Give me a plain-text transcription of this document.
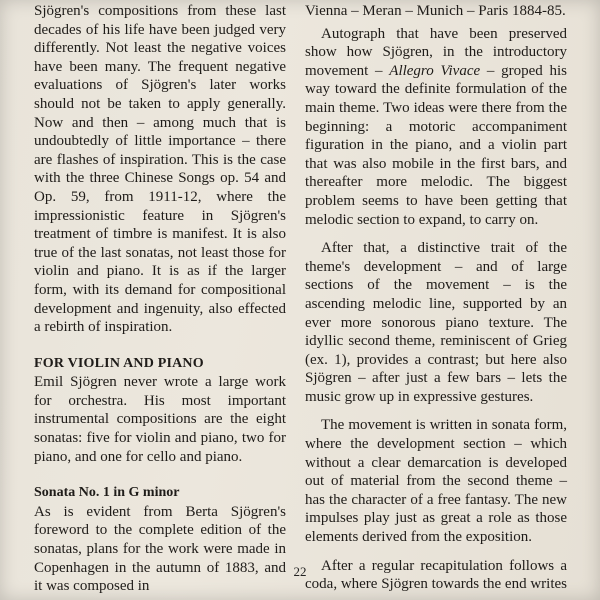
Sjögren's compositions from these last decades of his life have been judged very differently. Not least the negative voices have been many. The frequent negative evaluations of Sjögren's later works should not be taken to apply generally. Now and then – among much that is undoubtedly of little importance – there are flashes of inspiration. This is the case with the three Chinese Songs op. 54 and Op. 59, from 1911-12, where the impressionistic feature in Sjögren's treatment of timbre is manifest. It is also true of the last sonatas, not least those for violin and piano. It is as if the larger form, with its demand for compositional development and ingenuity, also effected a rebirth of inspiration.

FOR VIOLIN AND PIANO

Emil Sjögren never wrote a large work for orchestra. His most important instrumental compositions are the eight sonatas: five for violin and piano, two for piano, and one for cello and piano.

Sonata No. 1 in G minor

As is evident from Berta Sjögren's foreword to the complete edition of the sonatas, plans for the work were made in Copenhagen in the autumn of 1883, and it was composed in

Vienna – Meran – Munich – Paris 1884-85.

Autograph that have been preserved show how Sjögren, in the introductory movement – Allegro Vivace – groped his way toward the definite formulation of the main theme. Two ideas were there from the beginning: a motoric accompaniment figuration in the piano, and a violin part that was also mobile in the first bars, and thereafter more melodic. The biggest problem seems to have been getting that melodic section to expand, to carry on.

After that, a distinctive trait of the theme's development – and of large sections of the movement – is the ascending melodic line, supported by an ever more sonorous piano texture. The idyllic second theme, reminiscent of Grieg (ex. 1), provides a contrast; but here also Sjögren – after just a few bars – lets the music grow up in expressive gestures.

The movement is written in sonata form, where the development section – which without a clear demarcation is developed out of material from the second theme – has the character of a free fantasy. The new impulses play just as great a role as those elements derived from the exposition.

After a regular recapitulation follows a coda, where Sjögren towards the end writes

22
